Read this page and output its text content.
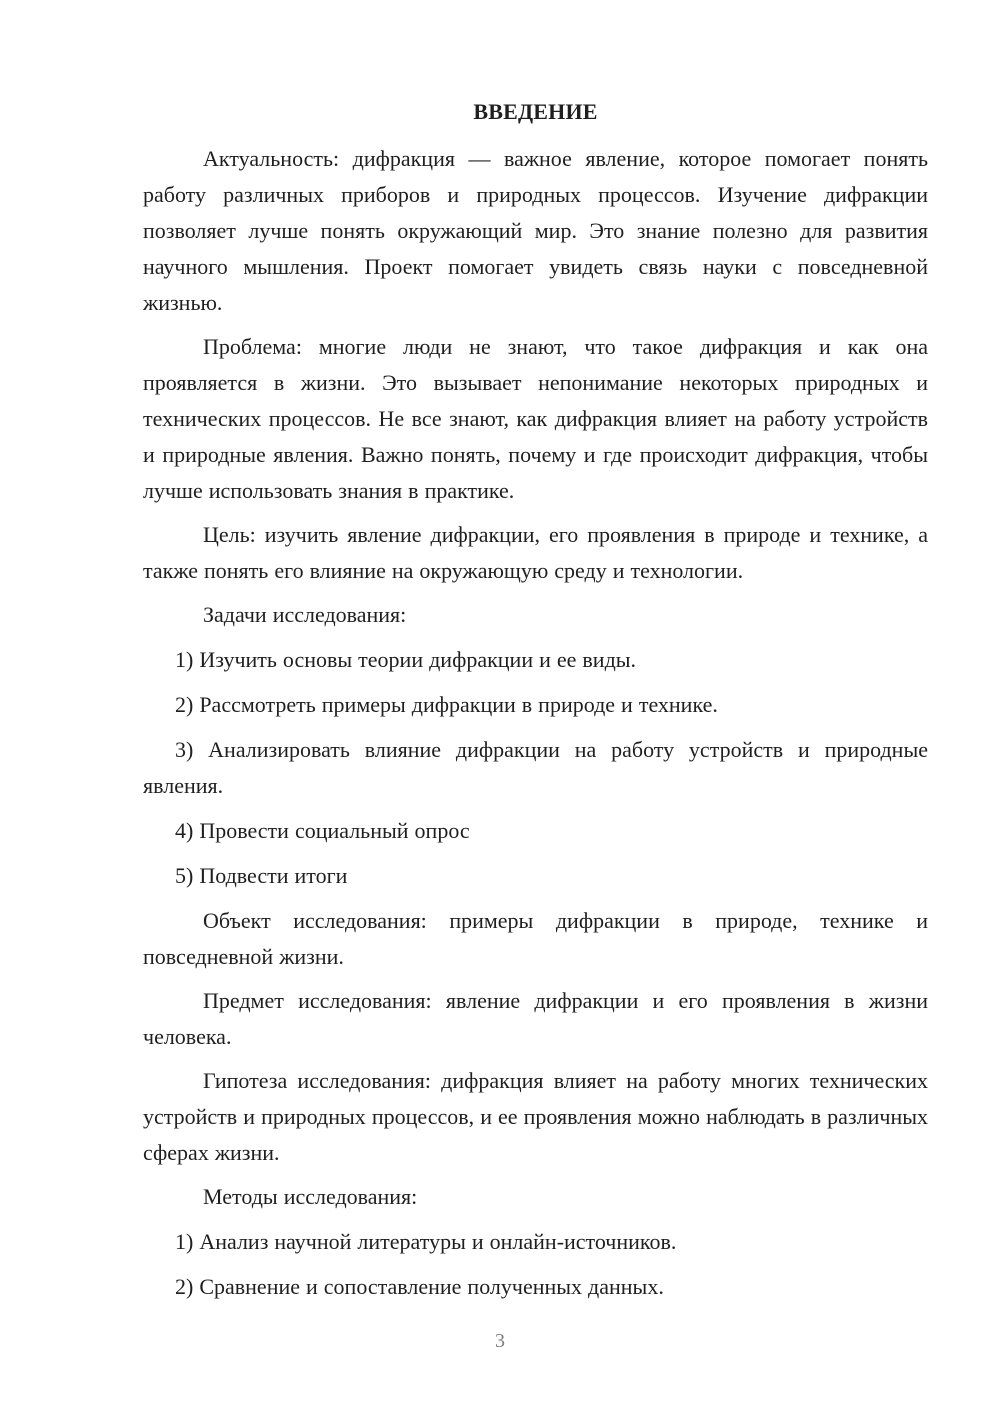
ВВЕДЕНИЕ

Актуальность: дифракция — важное явление, которое помогает понять работу различных приборов и природных процессов. Изучение дифракции позволяет лучше понять окружающий мир. Это знание полезно для развития научного мышления. Проект помогает увидеть связь науки с повседневной жизнью.

Проблема: многие люди не знают, что такое дифракция и как она проявляется в жизни. Это вызывает непонимание некоторых природных и технических процессов. Не все знают, как дифракция влияет на работу устройств и природные явления. Важно понять, почему и где происходит дифракция, чтобы лучше использовать знания в практике.

Цель: изучить явление дифракции, его проявления в природе и технике, а также понять его влияние на окружающую среду и технологии.

Задачи исследования:

1) Изучить основы теории дифракции и ее виды.

2) Рассмотреть примеры дифракции в природе и технике.

3) Анализировать влияние дифракции на работу устройств и природные явления.

4) Провести социальный опрос

5) Подвести итоги

Объект исследования: примеры дифракции в природе, технике и повседневной жизни.

Предмет исследования: явление дифракции и его проявления в жизни человека.

Гипотеза исследования: дифракция влияет на работу многих технических устройств и природных процессов, и ее проявления можно наблюдать в различных сферах жизни.

Методы исследования:

1) Анализ научной литературы и онлайн-источников.

2) Сравнение и сопоставление полученных данных.

3
